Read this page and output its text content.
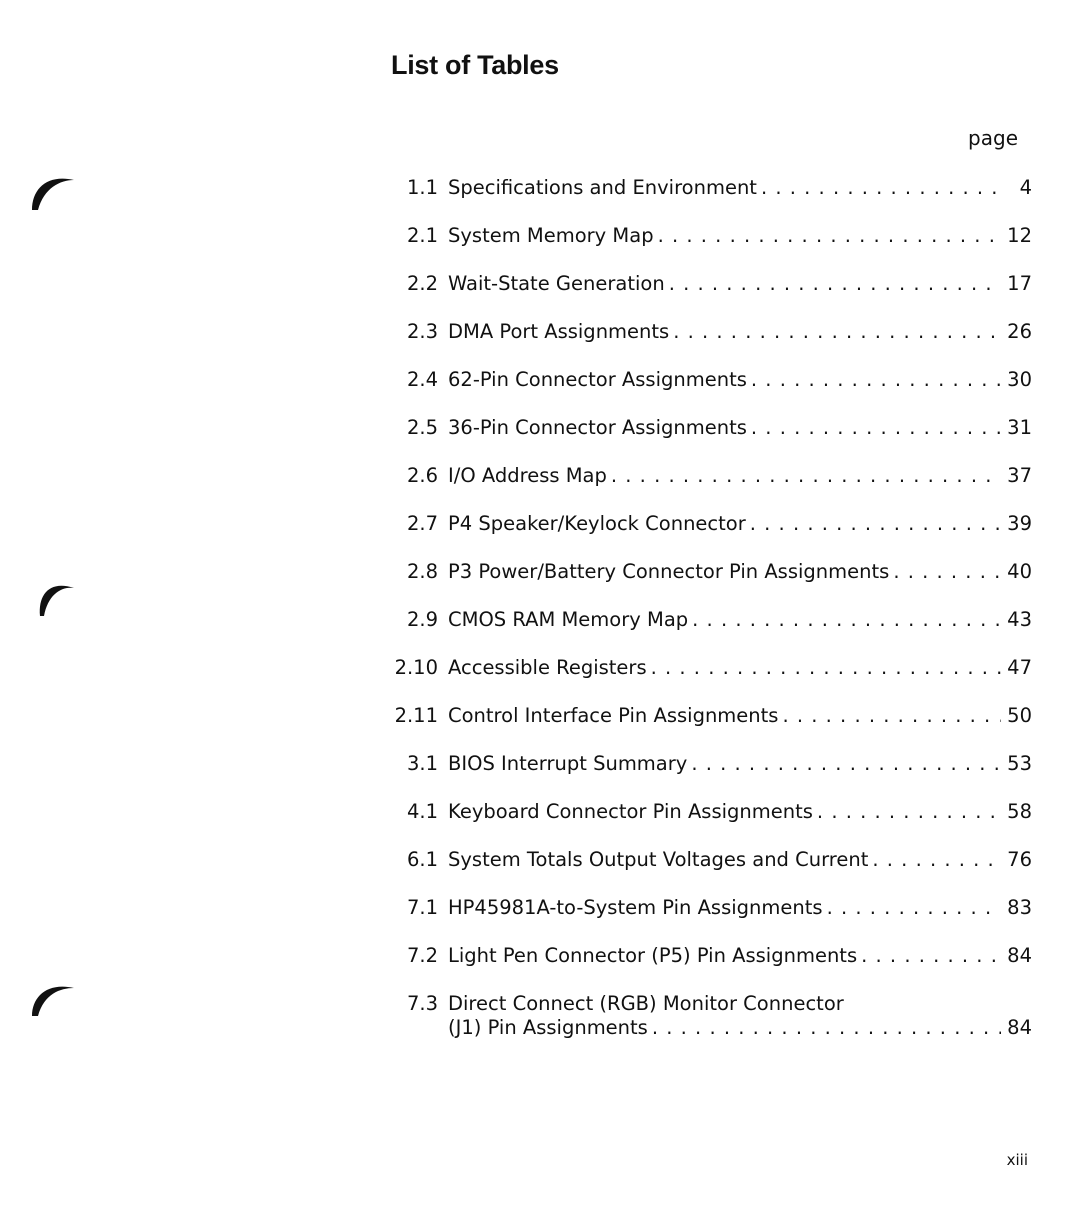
List of Tables
page
1.1 Specifications and Environment . . .	4
2.1 System Memory Map . . .	12
2.2 Wait-State Generation . . .	17
2.3 DMA Port Assignments . . .	26
2.4 62-Pin Connector Assignments . . .	30
2.5 36-Pin Connector Assignments . . .	31
2.6 I/O Address Map . . .	37
2.7 P4 Speaker/Keylock Connector . . .	39
2.8 P3 Power/Battery Connector Pin Assignments . . .	40
2.9 CMOS RAM Memory Map . . .	43
2.10 Accessible Registers . . .	47
2.11 Control Interface Pin Assignments . . .	50
3.1 BIOS Interrupt Summary . . .	53
4.1 Keyboard Connector Pin Assignments . . .	58
6.1 System Totals Output Voltages and Current . . .	76
7.1 HP45981A-to-System Pin Assignments . . .	83
7.2 Light Pen Connector (P5) Pin Assignments . . .	84
7.3 Direct Connect (RGB) Monitor Connector
(J1) Pin Assignments . . .	84
xiii
